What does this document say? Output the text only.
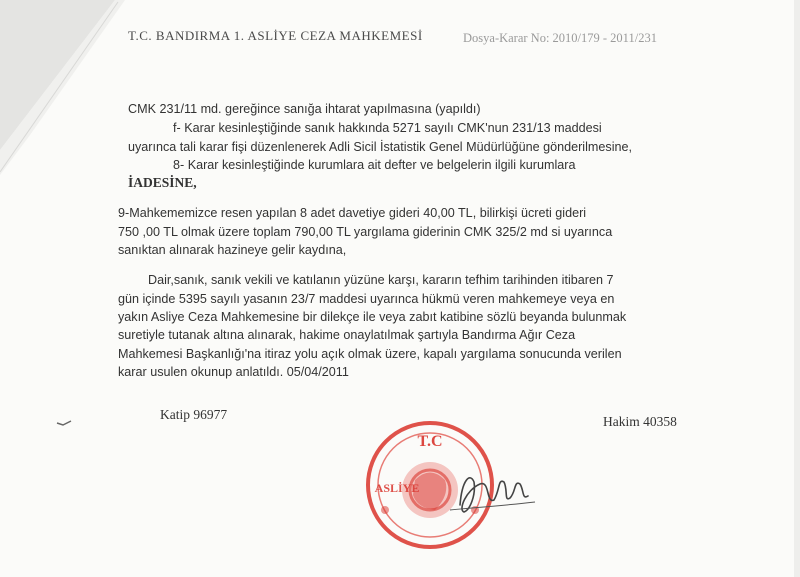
T.C. BANDIRMA 1. ASLİYE CEZA MAHKEMESİ	Dosya-Karar No: 2010/179 - 2011/231
CMK 231/11 md. gereğince sanığa ihtarat yapılmasına (yapıldı)
f- Karar kesinleştiğinde sanık hakkında 5271 sayılı CMK'nun 231/13 maddesi
uyarınca tali karar fişi düzenlenerek Adli Sicil İstatistik Genel Müdürlüğüne gönderilmesine,
8- Karar kesinleştiğinde kurumlara ait defter ve belgelerin ilgili kurumlara
İADESİNE,
9-Mahkememizce resen yapılan 8 adet davetiye gideri 40,00 TL, bilirkişi ücreti gideri
750 ,00 TL olmak üzere toplam 790,00 TL yargılama giderinin CMK 325/2 md si uyarınca
sanıktan alınarak hazineye gelir kaydına,
Dair,sanık, sanık vekili ve katılanın yüzüne karşı, kararın tefhim tarihinden itibaren 7
gün içinde 5395 sayılı yasanın 23/7 maddesi uyarınca hükmü veren mahkemeye veya en
yakın Asliye Ceza Mahkemesine bir dilekçe ile veya zabıt katibine sözlü beyanda bulunmak
suretiyle tutanak altına alınarak, hakime onaylatılmak şartıyla Bandırma Ağır Ceza
Mahkemesi Başkanlığı'na itiraz yolu açık olmak üzere, kapalı yargılama sonucunda verilen
karar usulen okunup anlatıldı. 05/04/2011
Katip 96977	Hakim 40358
T.C
ASLİYE
